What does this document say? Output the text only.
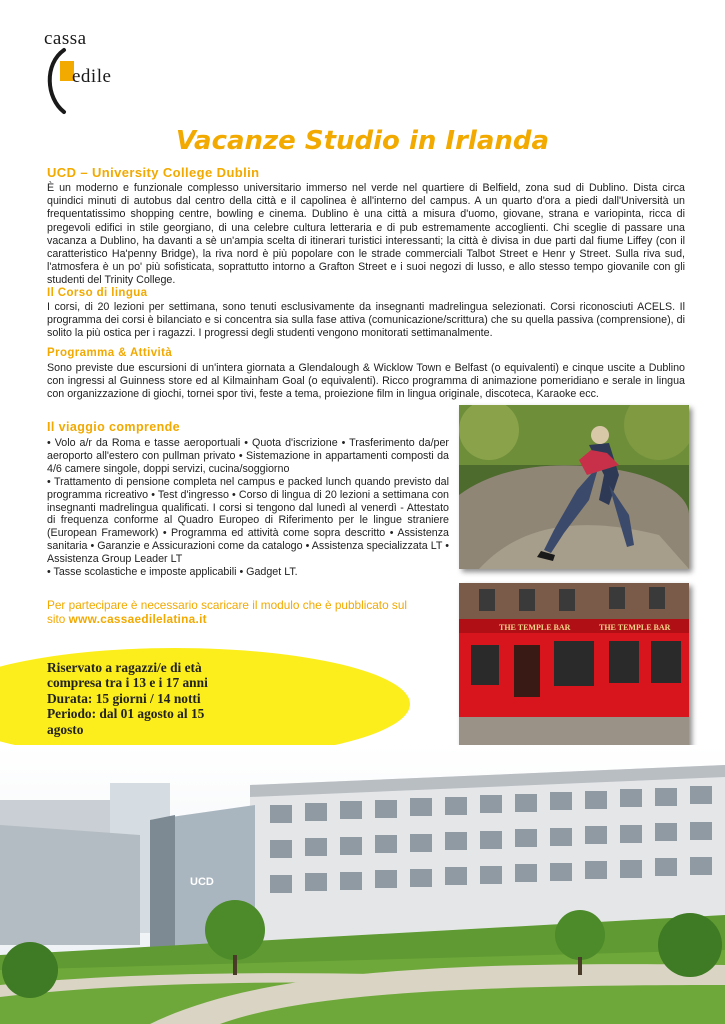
cassa
edile
Vacanze Studio in Irlanda
UCD – University College Dublin

È un moderno e funzionale complesso universitario immerso nel verde nel quartiere di Belfield, zona sud di Dublino. Dista circa quindici minuti di autobus dal centro della città e il capolinea è all'interno del campus. A un quarto d'ora a piedi dall'Università un frequentatissimo shopping centre, bowling e cinema. Dublino è una città a misura d'uomo, giovane, strana e variopinta, ricca di pregevoli edifici in stile georgiano, di una celebre cultura letteraria e di pub estremamente accoglienti. Chi sceglie di passare una vacanza a Dublino, ha davanti a sè un'ampia scelta di itinerari turistici interessanti; la città è divisa in due parti dal fiume Liffey (con il caratteristico Ha'penny Bridge), la riva nord è più popolare con le strade commerciali Talbot Street e Henr y Street. Sulla riva sud, l'atmosfera è un po' più sofisticata, soprattutto intorno a Grafton Street e i suoi negozi di lusso, e allo stesso tempo giovanile con gli studenti del Trinity College.

Il Corso di lingua

I corsi, di 20 lezioni per settimana, sono tenuti esclusivamente da insegnanti madrelingua selezionati. Corsi riconosciuti ACELS. Il programma dei corsi è bilanciato e si concentra sia sulla fase attiva (comunicazione/scrittura) che su quella passiva (comprensione), di solito la più ostica per i ragazzi. I progressi degli studenti vengono monitorati settimanalmente.

Programma & Attività

Sono previste due escursioni di un'intera giornata a Glendalough & Wicklow Town e Belfast (o equivalenti) e cinque uscite a Dublino con ingressi al Guinness store ed al Kilmainham Goal (o equivalenti). Ricco programma di animazione pomeridiano e serale in lingua con organizzazione di giochi, tornei spor tivi, feste a tema, proiezione film in lingua originale, discoteca, Karaoke ecc.

Il viaggio comprende

• Volo a/r da Roma e tasse aeroportuali • Quota d'iscrizione • Trasferimento da/per aeroporto all'estero con pullman privato • Sistemazione in appartamenti composti da 4/6 camere singole, doppi servizi, cucina/soggiorno

• Trattamento di pensione completa nel campus e packed lunch quando previsto dal programma ricreativo • Test d'ingresso • Corso di lingua di 20 lezioni a settimana con insegnanti madrelingua qualificati. I corsi si tengono dal lunedì al venerdì - Attestato di frequenza conforme al Quadro Europeo di Riferimento per le lingue straniere (European Framework) • Programma ed attività come sopra descritto • Assistenza sanitaria • Garanzie e Assicurazioni come da catalogo • Assistenza specializzata LT • Assistenza Group Leader LT

• Tasse scolastiche e imposte applicabili • Gadget LT.

Per partecipare è necessario scaricare il modulo che è pubblicato sul sito www.cassaedilelatina.it
Riservato a ragazzi/e di età
compresa tra i 13 e i 17 anni
Durata: 15 giorni / 14 notti
Periodo: dal 01 agosto al 15
agosto
THE TEMPLE BAR	THE TEMPLE BAR
UCD
